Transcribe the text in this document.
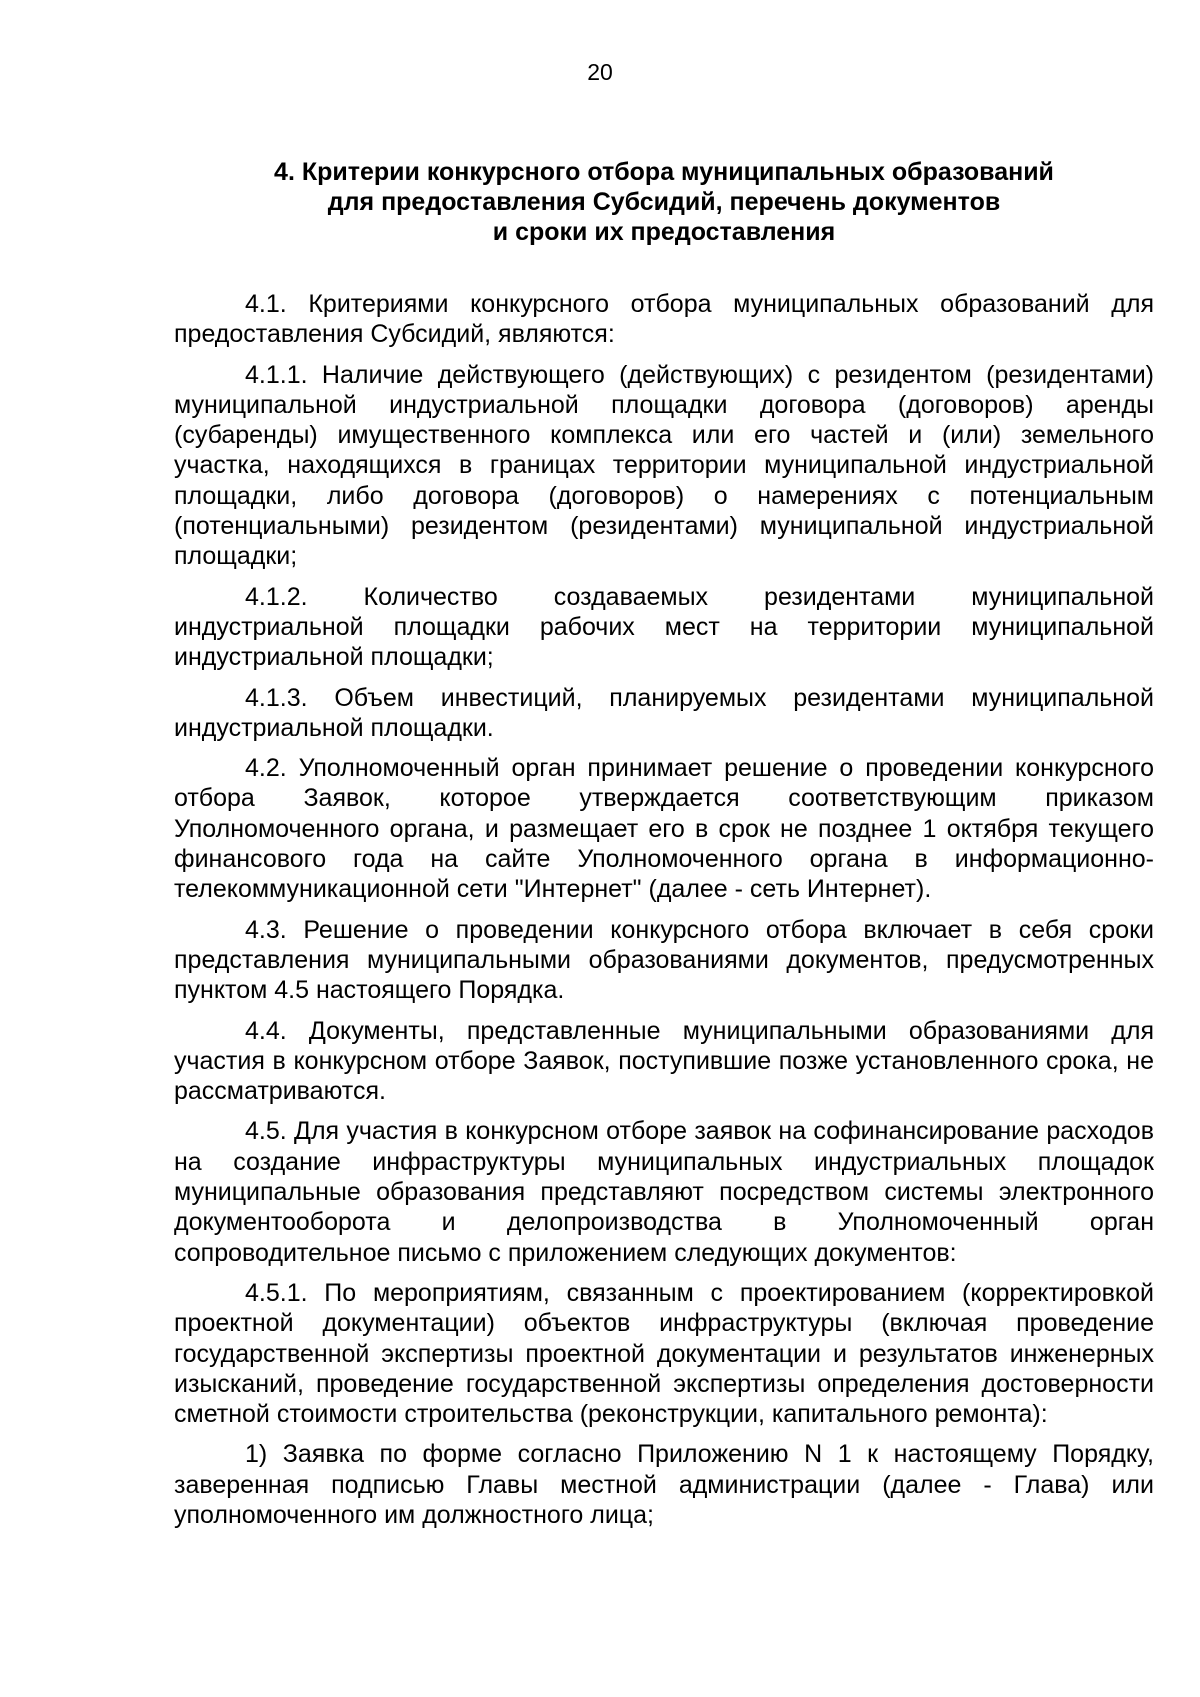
20
4. Критерии конкурсного отбора муниципальных образований
для предоставления Субсидий, перечень документов
и сроки их предоставления

4.1. Критериями конкурсного отбора муниципальных образований для предоставления Субсидий, являются:

4.1.1. Наличие действующего (действующих) с резидентом (резидентами) муниципальной индустриальной площадки договора (договоров) аренды (субаренды) имущественного комплекса или его частей и (или) земельного участка, находящихся в границах территории муниципальной индустриальной площадки, либо договора (договоров) о намерениях с потенциальным (потенциальными) резидентом (резидентами) муниципальной индустриальной площадки;

4.1.2. Количество создаваемых резидентами муниципальной индустриальной площадки рабочих мест на территории муниципальной индустриальной площадки;

4.1.3. Объем инвестиций, планируемых резидентами муниципальной индустриальной площадки.

4.2. Уполномоченный орган принимает решение о проведении конкурсного отбора Заявок, которое утверждается соответствующим приказом Уполномоченного органа, и размещает его в срок не позднее 1 октября текущего финансового года на сайте Уполномоченного органа в информационно-телекоммуникационной сети "Интернет" (далее - сеть Интернет).

4.3. Решение о проведении конкурсного отбора включает в себя сроки представления муниципальными образованиями документов, предусмотренных пунктом 4.5 настоящего Порядка.

4.4. Документы, представленные муниципальными образованиями для участия в конкурсном отборе Заявок, поступившие позже установленного срока, не рассматриваются.

4.5. Для участия в конкурсном отборе заявок на софинансирование расходов на создание инфраструктуры муниципальных индустриальных площадок муниципальные образования представляют посредством системы электронного документооборота и делопроизводства в Уполномоченный орган сопроводительное письмо с приложением следующих документов:

4.5.1. По мероприятиям, связанным с проектированием (корректировкой проектной документации) объектов инфраструктуры (включая проведение государственной экспертизы проектной документации и результатов инженерных изысканий, проведение государственной экспертизы определения достоверности сметной стоимости строительства (реконструкции, капитального ремонта):

1) Заявка по форме согласно Приложению N 1 к настоящему Порядку, заверенная подписью Главы местной администрации (далее - Глава) или уполномоченного им должностного лица;
